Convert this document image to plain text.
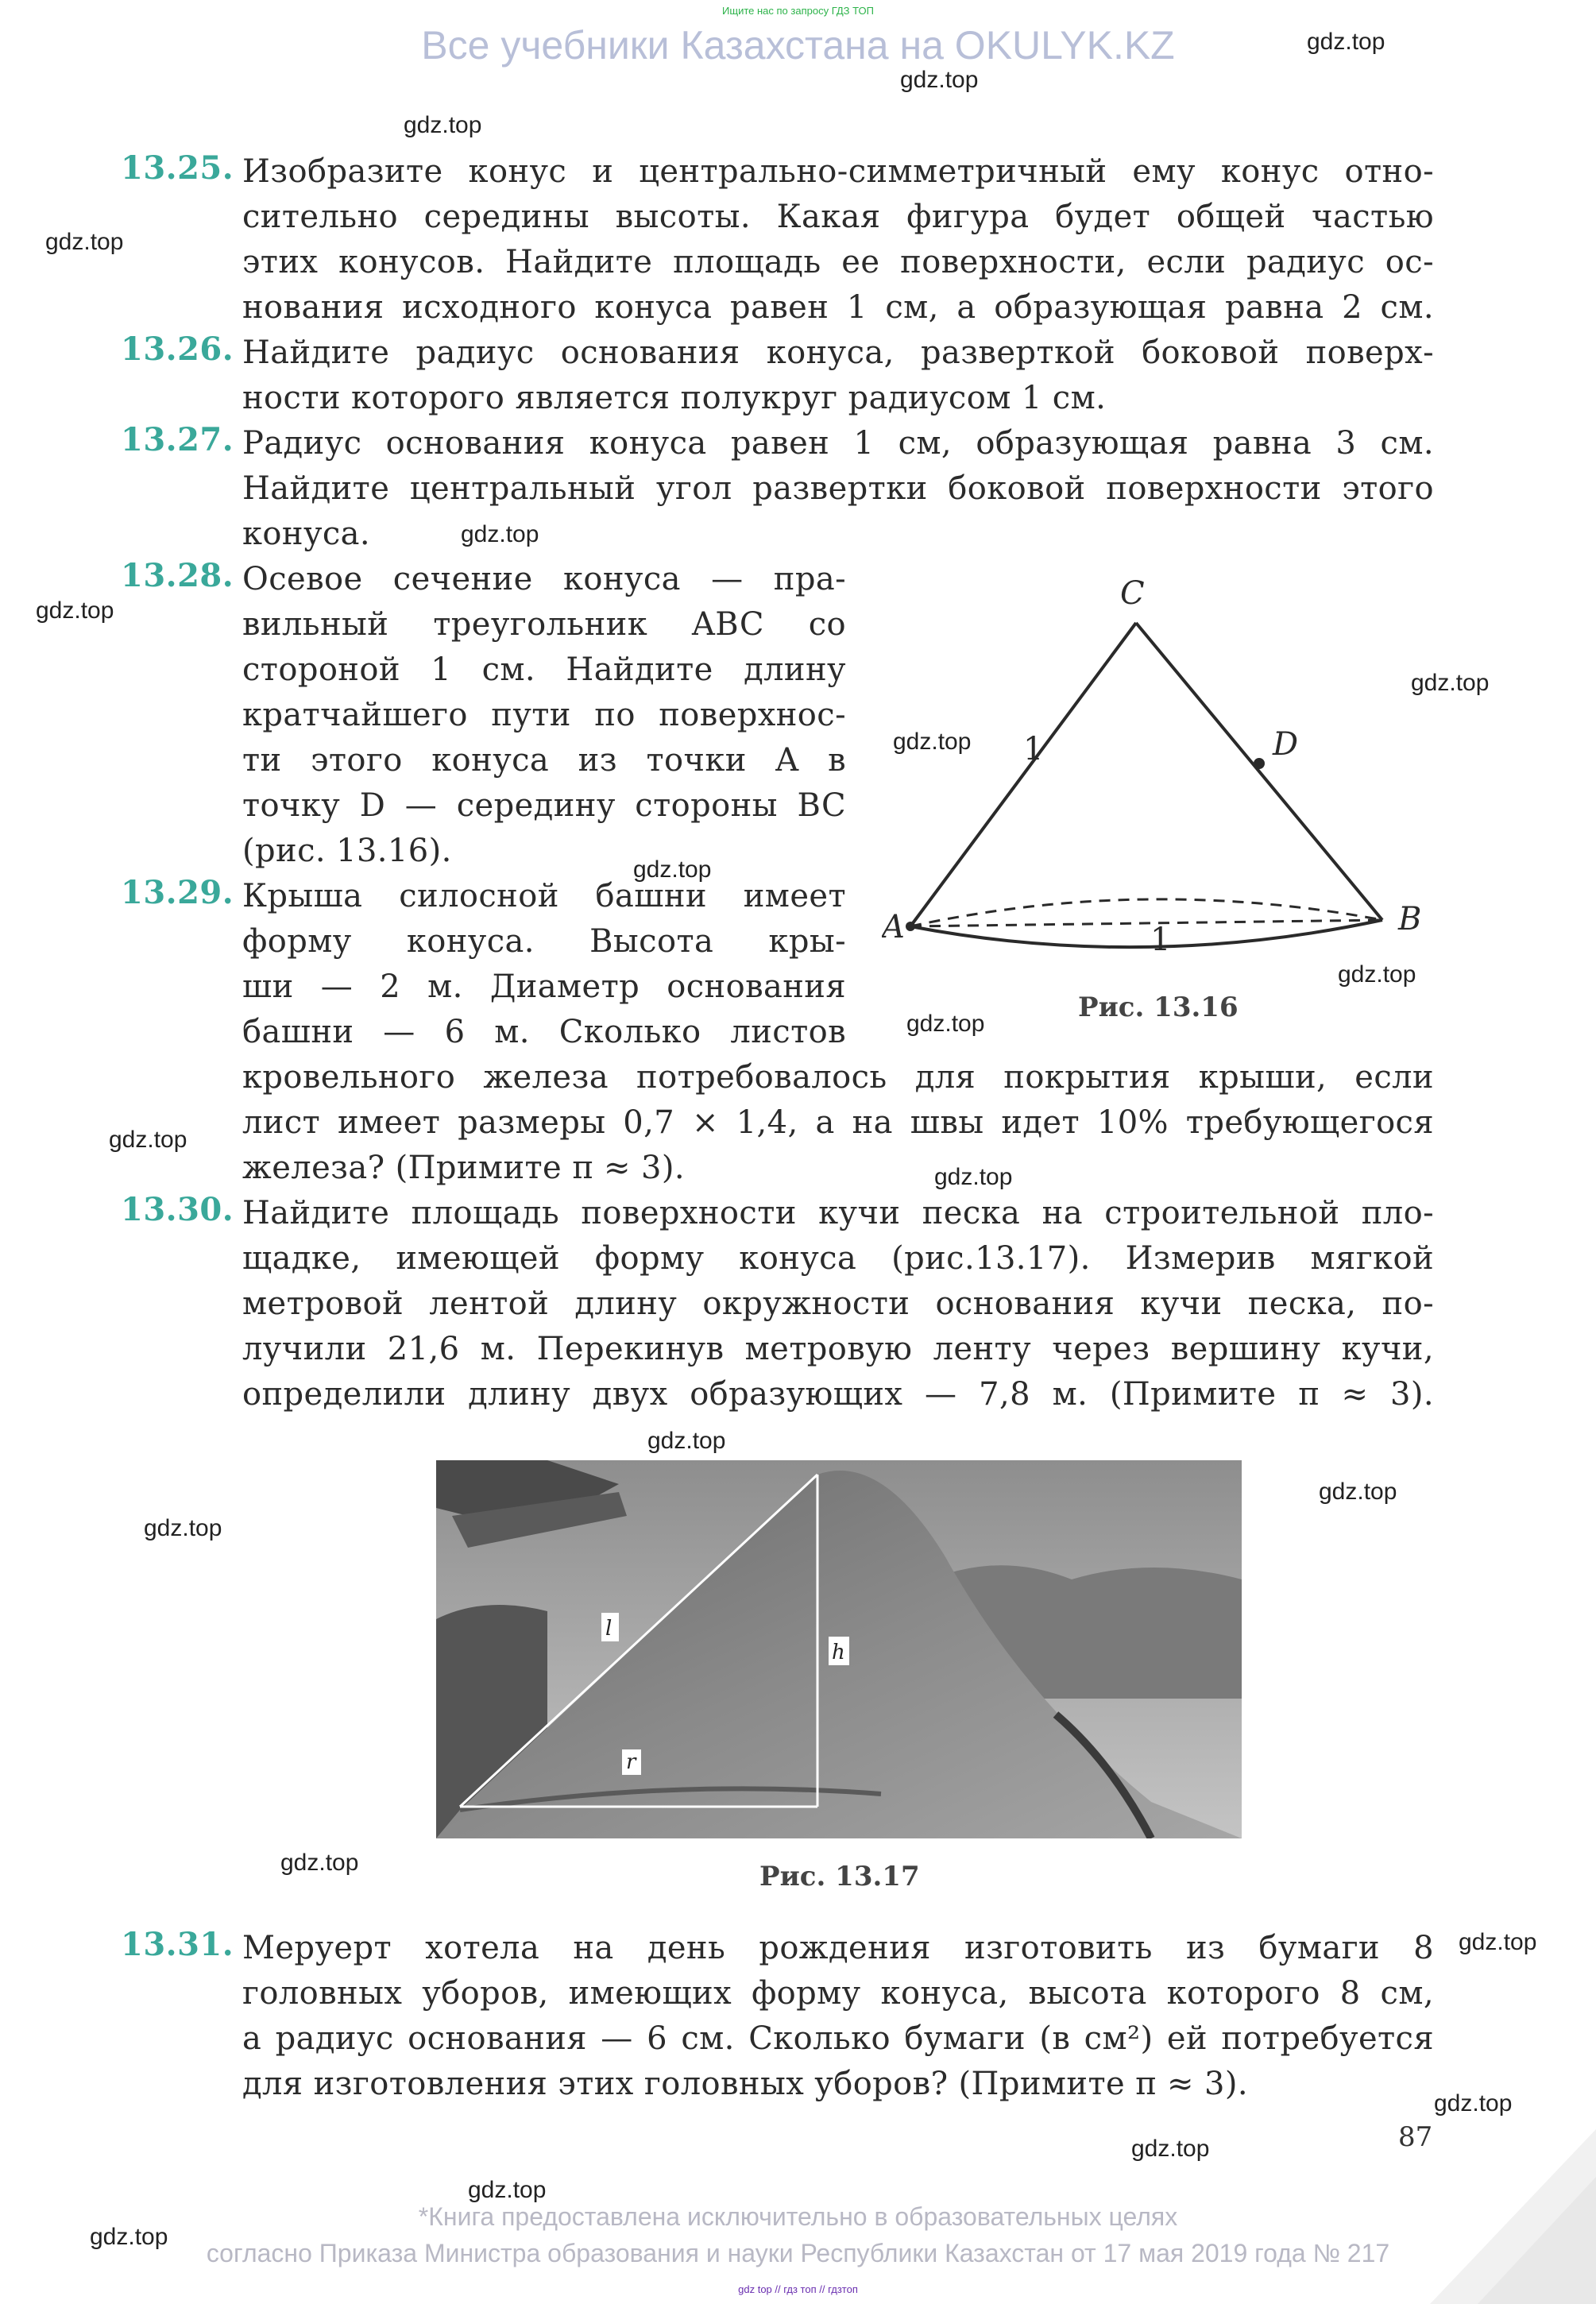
Ищите нас по запросу ГДЗ ТОП
Все учебники Казахстана на OKULYK.KZ	gdz.top
gdz.top
gdz.top
gdz.top
gdz.top
gdz.top
gdz.top
gdz.top
gdz.top
gdz.top
gdz.top
gdz.top
gdz.top
gdz.top
gdz.top
gdz.top
gdz.top
gdz.top
gdz.top
gdz.top
gdz.top
gdz.top
13.25. Изобразите конус и центрально-симметричный ему конус отно-
сительно середины высоты. Какая фигура будет общей частью
этих конусов. Найдите площадь ее поверхности, если радиус ос-
нования исходного конуса равен 1 см, а образующая равна 2 см.
13.26. Найдите радиус основания конуса, разверткой боковой поверх-
ности которого является полукруг радиусом 1 см.
13.27. Радиус основания конуса равен 1 см, образующая равна 3 см.
Найдите центральный угол развертки боковой поверхности этого
конуса.
13.28. Осевое сечение конуса — пра-
вильный треугольник ABC со
стороной 1 см. Найдите длину
кратчайшего пути по поверхнос-
ти этого конуса из точки A в
точку D — середину стороны BC
(рис. 13.16).
13.29. Крыша силосной башни имеет
форму конуса. Высота кры-
ши — 2 м. Диаметр основания
башни — 6 м. Сколько листов
кровельного железа потребовалось для покрытия крыши, если
лист имеет размеры 0,7 × 1,4, а на швы идет 10% требующегося
железа? (Примите π ≈ 3).
C
D
A	B
1
1
Рис. 13.16
13.30. Найдите площадь поверхности кучи песка на строительной пло-
щадке, имеющей форму конуса (рис.13.17). Измерив мягкой
метровой лентой длину окружности основания кучи песка, по-
лучили 21,6 м. Перекинув метровую ленту через вершину кучи,
определили длину двух образующих — 7,8 м. (Примите π ≈ 3).
l
h
r
Рис. 13.17
13.31. Меруерт хотела на день рождения изготовить из бумаги 8
головных уборов, имеющих форму конуса, высота которого 8 см,
а радиус основания — 6 см. Сколько бумаги (в см²) ей потребуется
для изготовления этих головных уборов? (Примите π ≈ 3).
87
*Книга предоставлена исключительно в образовательных целях
согласно Приказа Министра образования и науки Республики Казахстан от 17 мая 2019 года № 217
gdz top // гдз топ // гдзтоп
